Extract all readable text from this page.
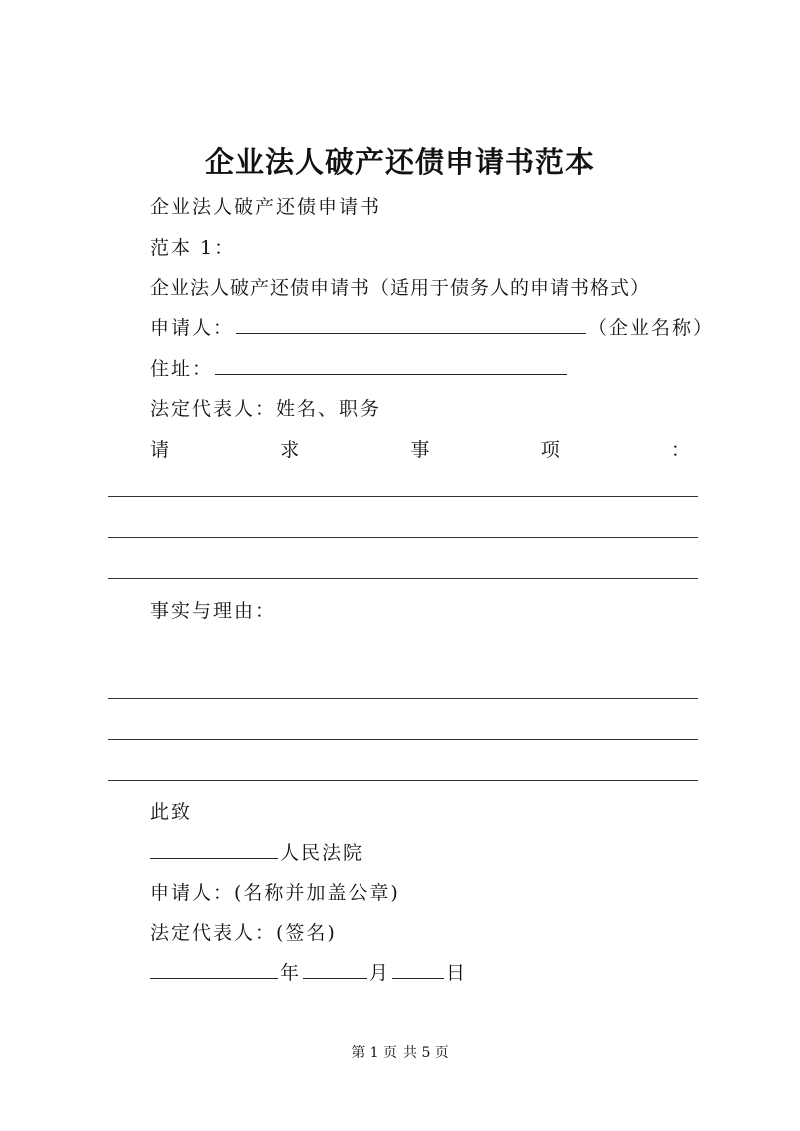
企业法人破产还债申请书范本
企业法人破产还债申请书
范本 1：
企业法人破产还债申请书（适用于债务人的申请书格式）
申请人：	（企业名称）
住址：
法定代表人：姓名、职务
请	求	事	项	：
事实与理由：
此致
人民法院
申请人：(名称并加盖公章)
法定代表人：(签名)
年	月	日
第 1 页 共 5 页
